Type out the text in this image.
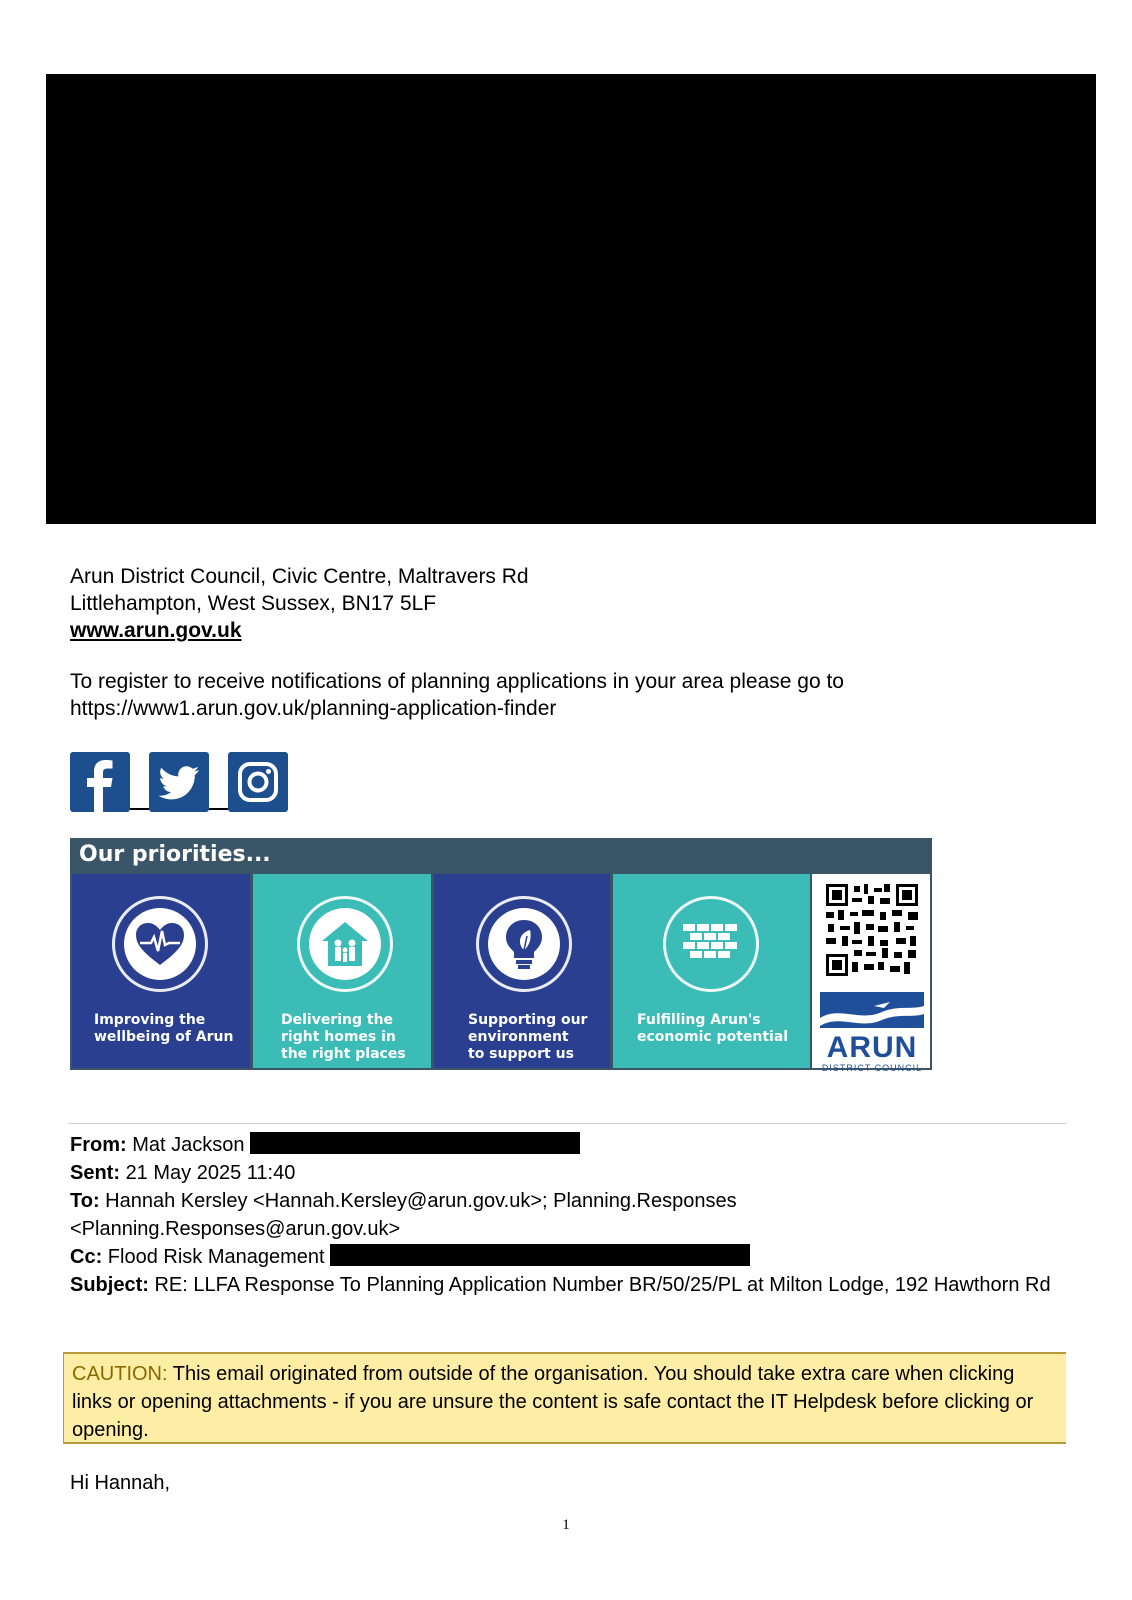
Arun District Council, Civic Centre, Maltravers Rd
Littlehampton, West Sussex, BN17 5LF
www.arun.gov.uk
To register to receive notifications of planning applications in your area please go to
https://www1.arun.gov.uk/planning-application-finder
Our priorities...
Improving the
wellbeing of Arun
Delivering the
right homes in
the right places
Supporting our
environment
to support us
Fulfilling Arun's
economic potential ARUN
DISTRICT COUNCIL
From: Mat Jackson
Sent: 21 May 2025 11:40
To: Hannah Kersley <Hannah.Kersley@arun.gov.uk>; Planning.Responses
<Planning.Responses@arun.gov.uk>
Cc: Flood Risk Management
Subject: RE: LLFA Response To Planning Application Number BR/50/25/PL at Milton Lodge, 192 Hawthorn Rd
CAUTION: This email originated from outside of the organisation. You should take extra care when clicking links or opening attachments - if you are unsure the content is safe contact the IT Helpdesk before clicking or opening.
Hi Hannah,
1
